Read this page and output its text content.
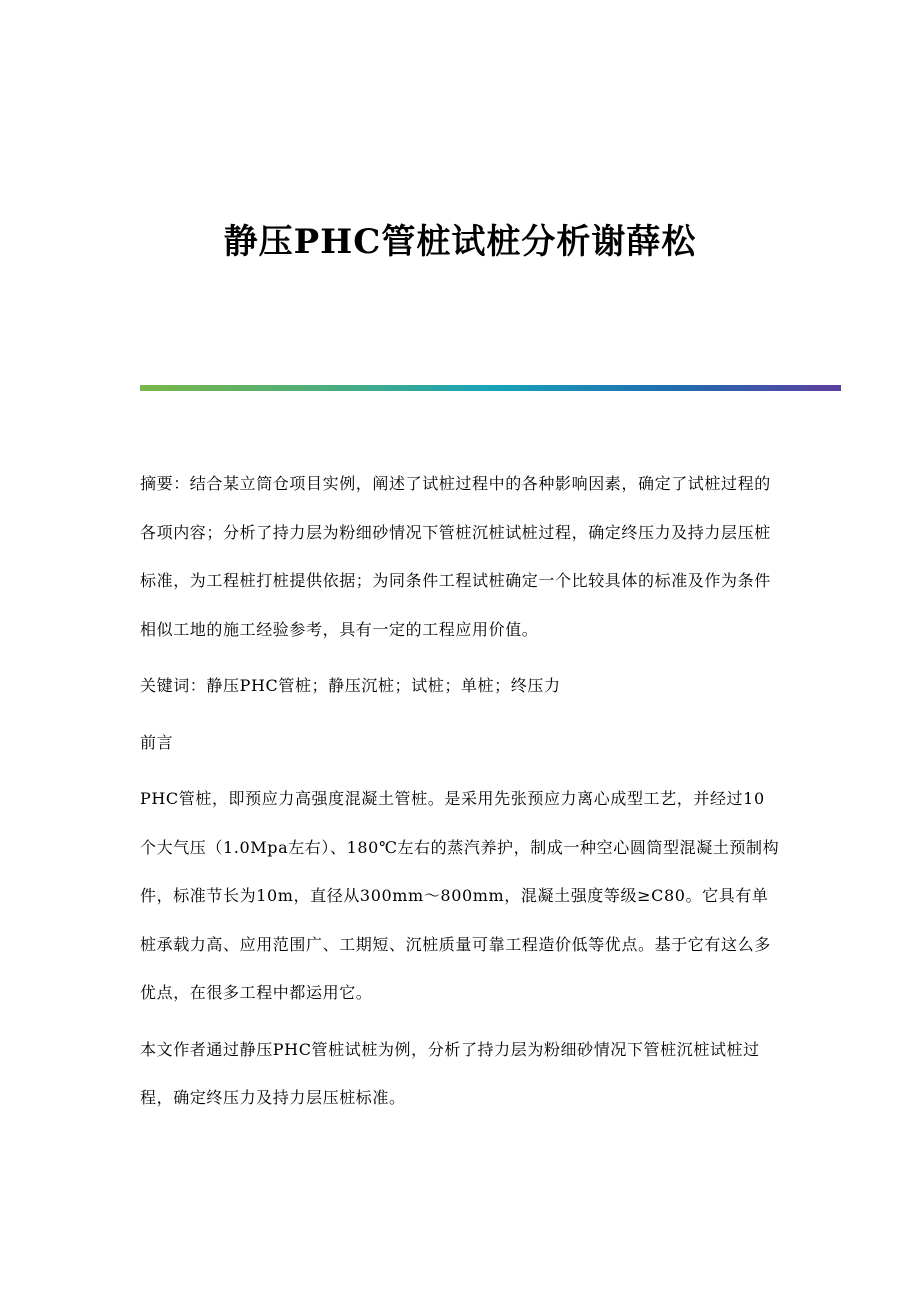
静压PHC管桩试桩分析谢薛松

摘要：结合某立筒仓项目实例，阐述了试桩过程中的各种影响因素，确定了试桩过程的各项内容；分析了持力层为粉细砂情况下管桩沉桩试桩过程，确定终压力及持力层压桩标准，为工程桩打桩提供依据；为同条件工程试桩确定一个比较具体的标准及作为条件相似工地的施工经验参考，具有一定的工程应用价值。

关键词：静压PHC管桩；静压沉桩；试桩；单桩；终压力

前言

PHC管桩，即预应力高强度混凝土管桩。是采用先张预应力离心成型工艺，并经过10个大气压（1.0Mpa左右）、180℃左右的蒸汽养护，制成一种空心圆筒型混凝土预制构件，标准节长为10m，直径从300mm～800mm，混凝土强度等级≥C80。它具有单桩承载力高、应用范围广、工期短、沉桩质量可靠工程造价低等优点。基于它有这么多优点，在很多工程中都运用它。

本文作者通过静压PHC管桩试桩为例，分析了持力层为粉细砂情况下管桩沉桩试桩过程，确定终压力及持力层压桩标准。
